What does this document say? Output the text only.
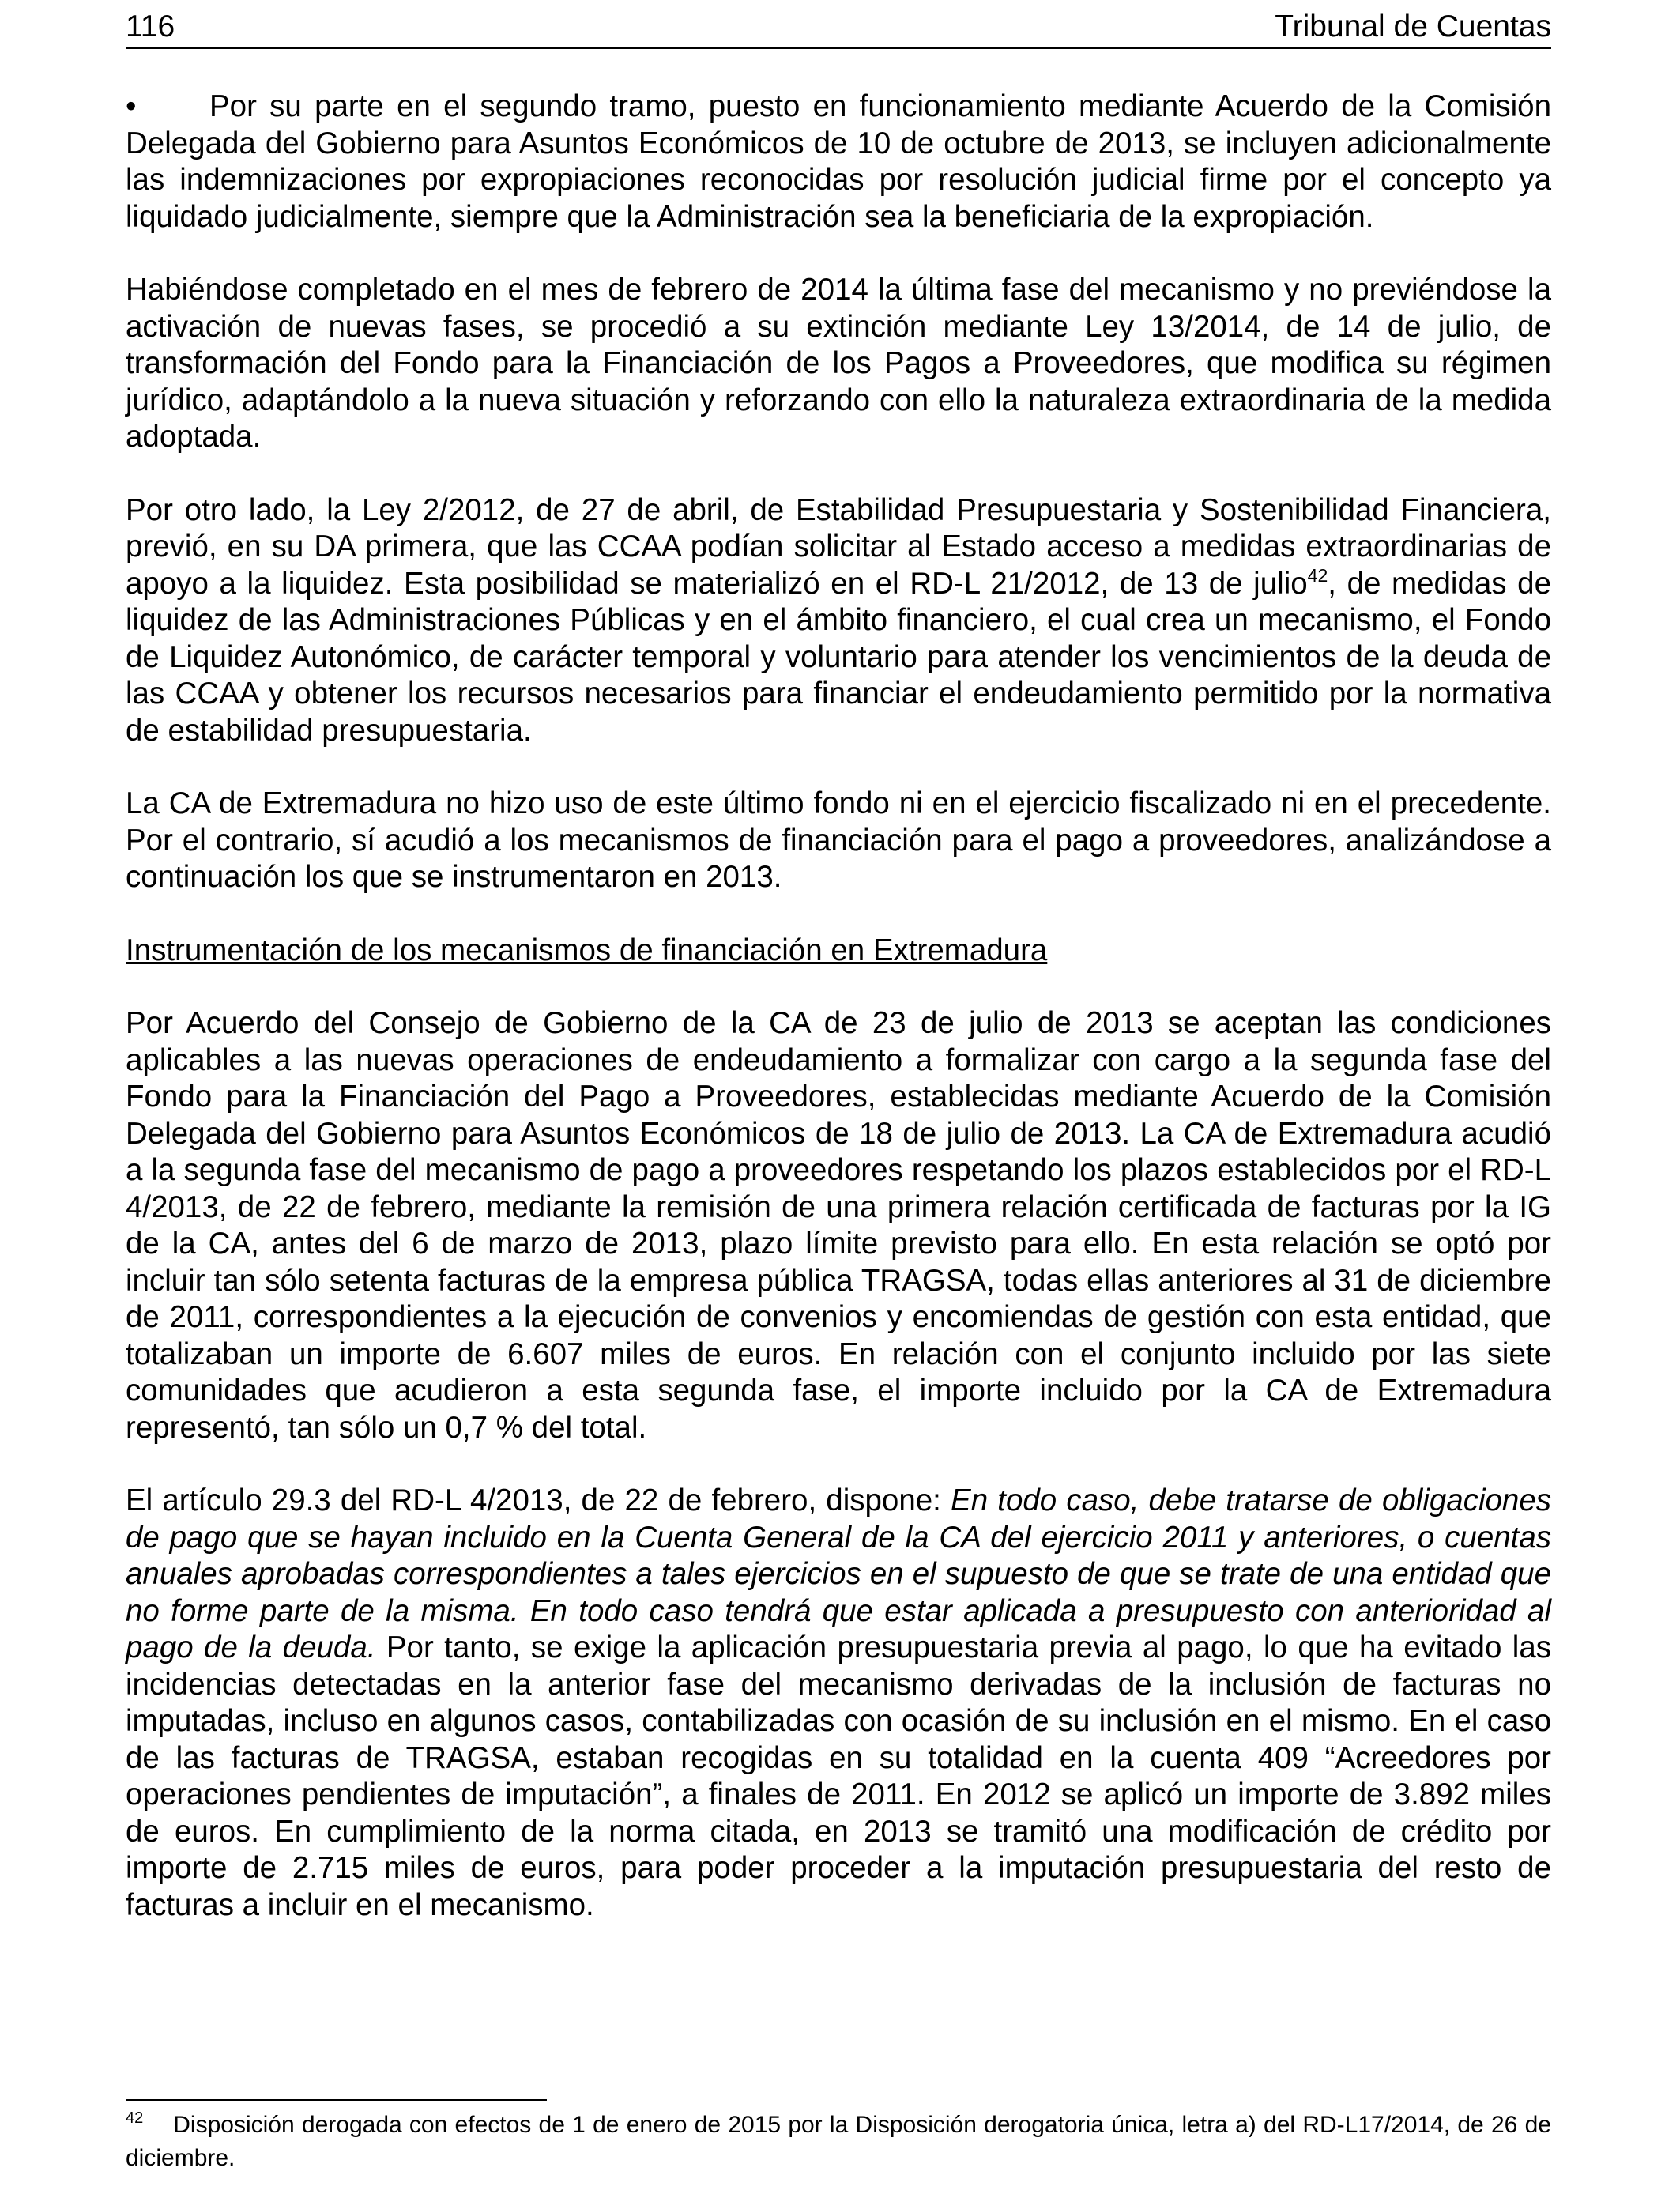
116	Tribunal de Cuentas

• Por su parte en el segundo tramo, puesto en funcionamiento mediante Acuerdo de la Comisión Delegada del Gobierno para Asuntos Económicos de 10 de octubre de 2013, se incluyen adicionalmente las indemnizaciones por expropiaciones reconocidas por resolución judicial firme por el concepto ya liquidado judicialmente, siempre que la Administración sea la beneficiaria de la expropiación.

Habiéndose completado en el mes de febrero de 2014 la última fase del mecanismo y no previéndose la activación de nuevas fases, se procedió a su extinción mediante Ley 13/2014, de 14 de julio, de transformación del Fondo para la Financiación de los Pagos a Proveedores, que modifica su régimen jurídico, adaptándolo a la nueva situación y reforzando con ello la naturaleza extraordinaria de la medida adoptada.

Por otro lado, la Ley 2/2012, de 27 de abril, de Estabilidad Presupuestaria y Sostenibilidad Financiera, previó, en su DA primera, que las CCAA podían solicitar al Estado acceso a medidas extraordinarias de apoyo a la liquidez. Esta posibilidad se materializó en el RD-L 21/2012, de 13 de julio$^{42}$, de medidas de liquidez de las Administraciones Públicas y en el ámbito financiero, el cual crea un mecanismo, el Fondo de Liquidez Autonómico, de carácter temporal y voluntario para atender los vencimientos de la deuda de las CCAA y obtener los recursos necesarios para financiar el endeudamiento permitido por la normativa de estabilidad presupuestaria.

La CA de Extremadura no hizo uso de este último fondo ni en el ejercicio fiscalizado ni en el precedente. Por el contrario, sí acudió a los mecanismos de financiación para el pago a proveedores, analizándose a continuación los que se instrumentaron en 2013.

Instrumentación de los mecanismos de financiación en Extremadura

Por Acuerdo del Consejo de Gobierno de la CA de 23 de julio de 2013 se aceptan las condiciones aplicables a las nuevas operaciones de endeudamiento a formalizar con cargo a la segunda fase del Fondo para la Financiación del Pago a Proveedores, establecidas mediante Acuerdo de la Comisión Delegada del Gobierno para Asuntos Económicos de 18 de julio de 2013. La CA de Extremadura acudió a la segunda fase del mecanismo de pago a proveedores respetando los plazos establecidos por el RD-L 4/2013, de 22 de febrero, mediante la remisión de una primera relación certificada de facturas por la IG de la CA, antes del 6 de marzo de 2013, plazo límite previsto para ello. En esta relación se optó por incluir tan sólo setenta facturas de la empresa pública TRAGSA, todas ellas anteriores al 31 de diciembre de 2011, correspondientes a la ejecución de convenios y encomiendas de gestión con esta entidad, que totalizaban un importe de 6.607 miles de euros. En relación con el conjunto incluido por las siete comunidades que acudieron a esta segunda fase, el importe incluido por la CA de Extremadura representó, tan sólo un 0,7 % del total.

El artículo 29.3 del RD-L 4/2013, de 22 de febrero, dispone: En todo caso, debe tratarse de obligaciones de pago que se hayan incluido en la Cuenta General de la CA del ejercicio 2011 y anteriores, o cuentas anuales aprobadas correspondientes a tales ejercicios en el supuesto de que se trate de una entidad que no forme parte de la misma. En todo caso tendrá que estar aplicada a presupuesto con anterioridad al pago de la deuda. Por tanto, se exige la aplicación presupuestaria previa al pago, lo que ha evitado las incidencias detectadas en la anterior fase del mecanismo derivadas de la inclusión de facturas no imputadas, incluso en algunos casos, contabilizadas con ocasión de su inclusión en el mismo. En el caso de las facturas de TRAGSA, estaban recogidas en su totalidad en la cuenta 409 “Acreedores por operaciones pendientes de imputación”, a finales de 2011. En 2012 se aplicó un importe de 3.892 miles de euros. En cumplimiento de la norma citada, en 2013 se tramitó una modificación de crédito por importe de 2.715 miles de euros, para poder proceder a la imputación presupuestaria del resto de facturas a incluir en el mecanismo.

$^{42}$ Disposición derogada con efectos de 1 de enero de 2015 por la Disposición derogatoria única, letra a) del RD-L17/2014, de 26 de diciembre.
